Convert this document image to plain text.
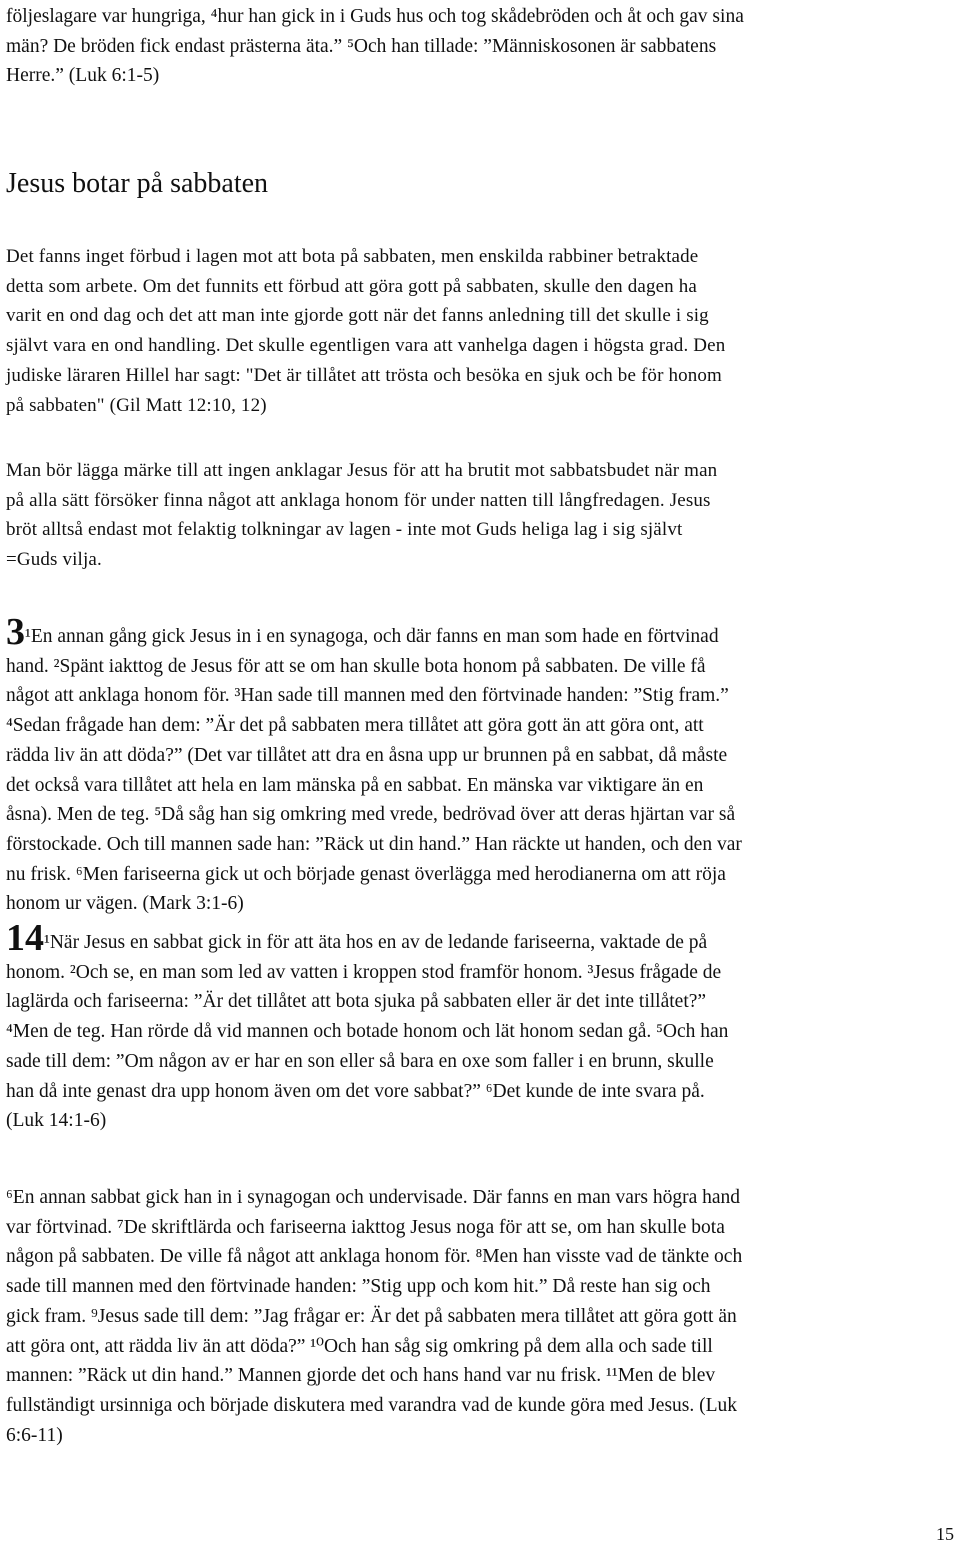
följeslagare var hungriga, ⁴hur han gick in i Guds hus och tog skådebröden och åt och gav sina
män? De bröden fick endast prästerna äta.” ⁵Och han tillade: ”Människosonen är sabbatens
Herre.” (Luk 6:1-5)

Jesus botar på sabbaten

Det fanns inget förbud i lagen mot att bota på sabbaten, men enskilda rabbiner betraktade
detta som arbete. Om det funnits ett förbud att göra gott på sabbaten, skulle den dagen ha
varit en ond dag och det att man inte gjorde gott när det fanns anledning till det skulle i sig
självt vara en ond handling. Det skulle egentligen vara att vanhelga dagen i högsta grad. Den
judiske läraren Hillel har sagt: "Det är tillåtet att trösta och besöka en sjuk och be för honom
på sabbaten" (Gil Matt 12:10, 12)

Man bör lägga märke till att ingen anklagar Jesus för att ha brutit mot sabbatsbudet när man
på alla sätt försöker finna något att anklaga honom för under natten till långfredagen. Jesus
bröt alltså endast mot felaktig tolkningar av lagen - inte mot Guds heliga lag i sig självt
=Guds vilja.

3¹En annan gång gick Jesus in i en synagoga, och där fanns en man som hade en förtvinad
hand. ²Spänt iakttog de Jesus för att se om han skulle bota honom på sabbaten. De ville få
något att anklaga honom för. ³Han sade till mannen med den förtvinade handen: ”Stig fram.”
⁴Sedan frågade han dem: ”Är det på sabbaten mera tillåtet att göra gott än att göra ont, att
rädda liv än att döda?” (Det var tillåtet att dra en åsna upp ur brunnen på en sabbat, då måste
det också vara tillåtet att hela en lam mänska på en sabbat. En mänska var viktigare än en
åsna). Men de teg. ⁵Då såg han sig omkring med vrede, bedrövad över att deras hjärtan var så
förstockade. Och till mannen sade han: ”Räck ut din hand.” Han räckte ut handen, och den var
nu frisk. ⁶Men fariseerna gick ut och började genast överlägga med herodianerna om att röja
honom ur vägen. (Mark 3:1-6)

14¹När Jesus en sabbat gick in för att äta hos en av de ledande fariseerna, vaktade de på
honom. ²Och se, en man som led av vatten i kroppen stod framför honom. ³Jesus frågade de
laglärda och fariseerna: ”Är det tillåtet att bota sjuka på sabbaten eller är det inte tillåtet?”
⁴Men de teg. Han rörde då vid mannen och botade honom och lät honom sedan gå. ⁵Och han
sade till dem: ”Om någon av er har en son eller så bara en oxe som faller i en brunn, skulle
han då inte genast dra upp honom även om det vore sabbat?” ⁶Det kunde de inte svara på.
(Luk 14:1-6)

⁶En annan sabbat gick han in i synagogan och undervisade. Där fanns en man vars högra hand
var förtvinad. ⁷De skriftlärda och fariseerna iakttog Jesus noga för att se, om han skulle bota
någon på sabbaten. De ville få något att anklaga honom för. ⁸Men han visste vad de tänkte och
sade till mannen med den förtvinade handen: ”Stig upp och kom hit.” Då reste han sig och
gick fram. ⁹Jesus sade till dem: ”Jag frågar er: Är det på sabbaten mera tillåtet att göra gott än
att göra ont, att rädda liv än att döda?” ¹⁰Och han såg sig omkring på dem alla och sade till
mannen: ”Räck ut din hand.” Mannen gjorde det och hans hand var nu frisk. ¹¹Men de blev
fullständigt ursinniga och började diskutera med varandra vad de kunde göra med Jesus. (Luk
6:6-11)

15
